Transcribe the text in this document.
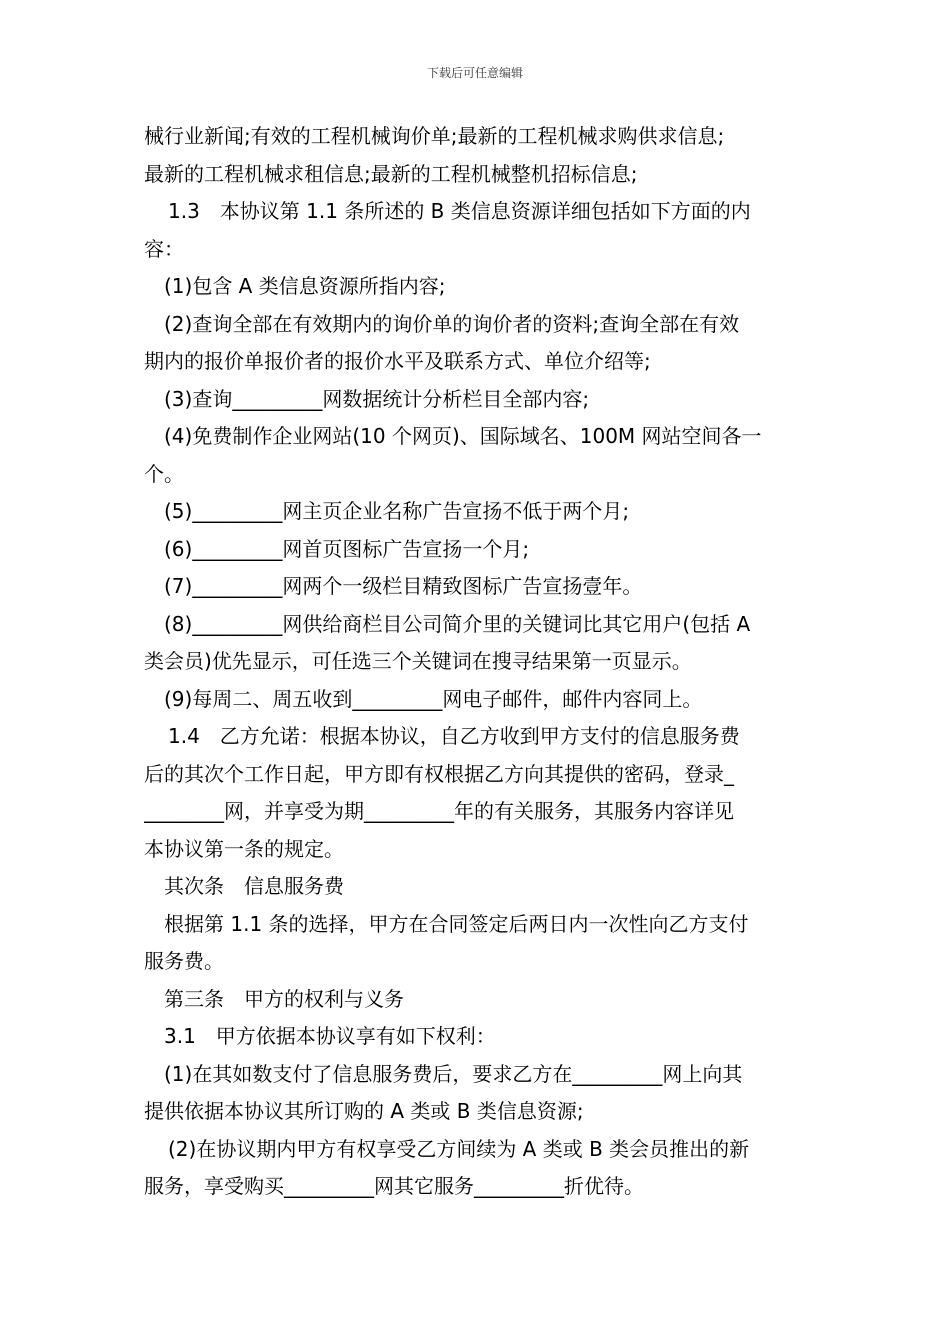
下载后可任意编辑
械行业新闻;有效的工程机械询价单;最新的工程机械求购供求信息;
最新的工程机械求租信息;最新的工程机械整机招标信息;
1.3　本协议第 1.1 条所述的 B 类信息资源详细包括如下方面的内
容：
(1)包含 A 类信息资源所指内容;
(2)查询全部在有效期内的询价单的询价者的资料;查询全部在有效
期内的报价单报价者的报价水平及联系方式、单位介绍等;
(3)查询_________网数据统计分析栏目全部内容;
(4)免费制作企业网站(10 个网页)、国际域名、100M 网站空间各一
个。
(5)_________网主页企业名称广告宣扬不低于两个月;
(6)_________网首页图标广告宣扬一个月;
(7)_________网两个一级栏目精致图标广告宣扬壹年。
(8)_________网供给商栏目公司简介里的关键词比其它用户(包括 A
类会员)优先显示，可任选三个关键词在搜寻结果第一页显示。
(9)每周二、周五收到_________网电子邮件，邮件内容同上。
1.4　乙方允诺：根据本协议，自乙方收到甲方支付的信息服务费
后的其次个工作日起，甲方即有权根据乙方向其提供的密码，登录_
________网，并享受为期_________年的有关服务，其服务内容详见
本协议第一条的规定。
其次条　信息服务费
根据第 1.1 条的选择，甲方在合同签定后两日内一次性向乙方支付
服务费。
第三条　甲方的权利与义务
3.1　甲方依据本协议享有如下权利：
(1)在其如数支付了信息服务费后，要求乙方在_________网上向其
提供依据本协议其所订购的 A 类或 B 类信息资源;
(2)在协议期内甲方有权享受乙方间续为 A 类或 B 类会员推出的新
服务，享受购买_________网其它服务_________折优待。
